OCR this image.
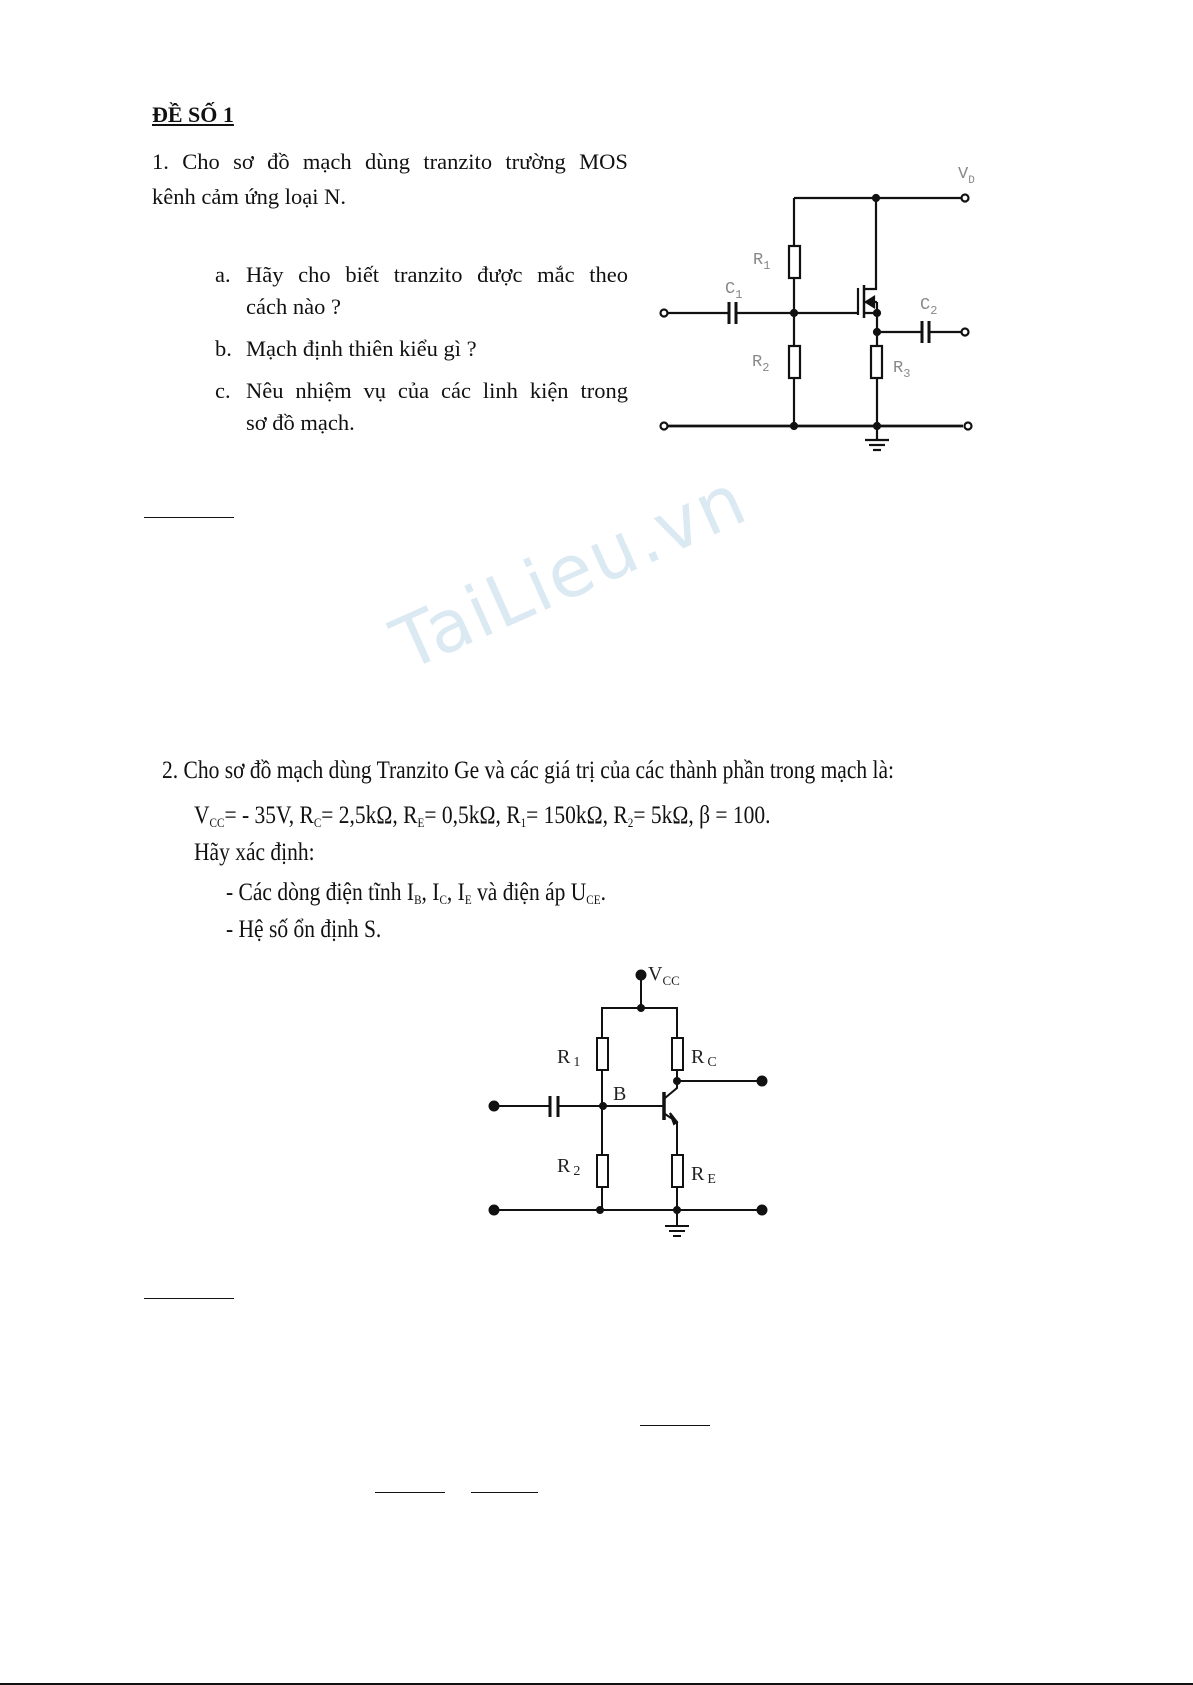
ĐỀ SỐ 1
1. Cho sơ đồ mạch dùng tranzito trường MOS
kênh cảm ứng loại N.
a. Hãy cho biết tranzito được mắc theo
cách nào ?
b. Mạch định thiên kiểu gì ?
c. Nêu nhiệm vụ của các linh kiện trong
sơ đồ mạch.
TaiLieu.vn
2. Cho sơ đồ mạch dùng Tranzito Ge và các giá trị của các thành phần trong mạch là:
$V_{CC}= - 35V$, $R_C= 2,5k\Omega$, $R_E= 0,5k\Omega$, $R_1= 150k\Omega$, $R_2= 5k\Omega$, β = 100.
Hãy xác định:
- Các dòng điện tĩnh $I_B$, $I_C$, $I_E$ và điện áp $U_{CE}$.
- Hệ số ổn định S.
$V_D$
$R_1$
$C_1$
$C_2$
$R_2$	$R_3$
$V_{CC}$
R 1	R C
B
R 2	R E
